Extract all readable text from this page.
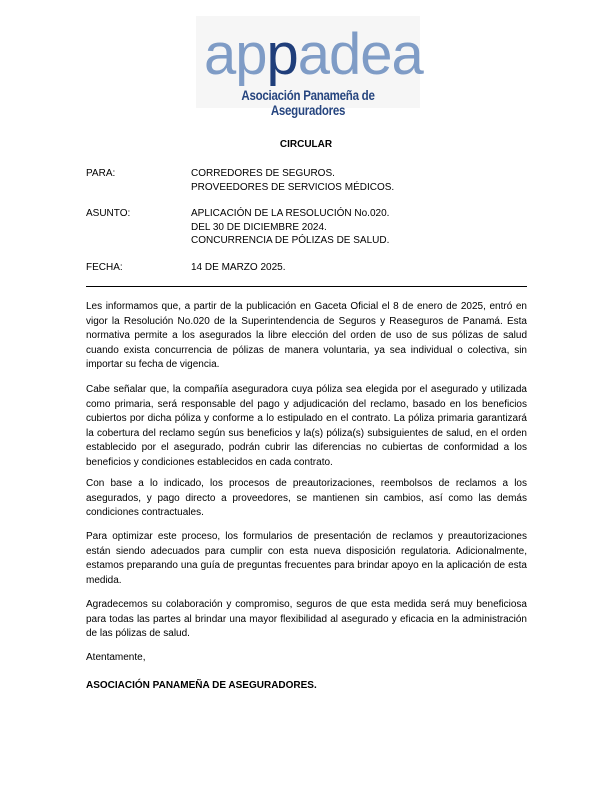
appadea
Asociación Panameña de Aseguradores
CIRCULAR
PARA:	CORREDORES DE SEGUROS.
PROVEEDORES DE SERVICIOS MÉDICOS.
ASUNTO:	APLICACIÓN DE LA RESOLUCIÓN No.020.
DEL 30 DE DICIEMBRE 2024.
CONCURRENCIA DE PÓLIZAS DE SALUD.
FECHA:	14 DE MARZO 2025.

Les informamos que, a partir de la publicación en Gaceta Oficial el 8 de enero de 2025, entró en vigor la Resolución No.020 de la Superintendencia de Seguros y Reaseguros de Panamá. Esta normativa permite a los asegurados la libre elección del orden de uso de sus pólizas de salud cuando exista concurrencia de pólizas de manera voluntaria, ya sea individual o colectiva, sin importar su fecha de vigencia.

Cabe señalar que, la compañía aseguradora cuya póliza sea elegida por el asegurado y utilizada como primaria, será responsable del pago y adjudicación del reclamo, basado en los beneficios cubiertos por dicha póliza y conforme a lo estipulado en el contrato. La póliza primaria garantizará la cobertura del reclamo según sus beneficios y la(s) póliza(s) subsiguientes de salud, en el orden establecido por el asegurado, podrán cubrir las diferencias no cubiertas de conformidad a los beneficios y condiciones establecidos en cada contrato.

Con base a lo indicado, los procesos de preautorizaciones, reembolsos de reclamos a los asegurados, y pago directo a proveedores, se mantienen sin cambios, así como las demás condiciones contractuales.

Para optimizar este proceso, los formularios de presentación de reclamos y preautorizaciones están siendo adecuados para cumplir con esta nueva disposición regulatoria. Adicionalmente, estamos preparando una guía de preguntas frecuentes para brindar apoyo en la aplicación de esta medida.

Agradecemos su colaboración y compromiso, seguros de que esta medida será muy beneficiosa para todas las partes al brindar una mayor flexibilidad al asegurado y eficacia en la administración de las pólizas de salud.

Atentamente,

ASOCIACIÓN PANAMEÑA DE ASEGURADORES.
